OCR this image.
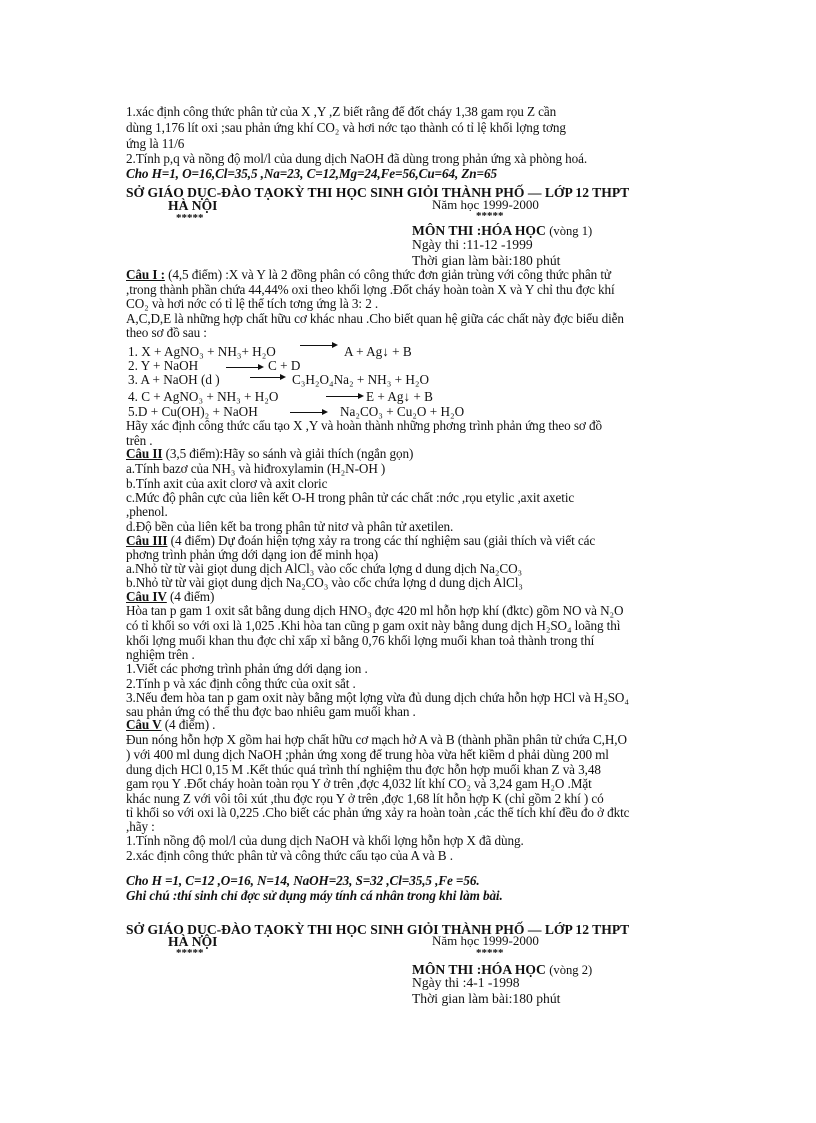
1.xác định công thức phân tử của X ,Y ,Z biết rằng để đốt cháy 1,38 gam rọu Z cần
dùng 1,176 lít oxi ;sau phản ứng khí CO₂ và hơi nớc tạo thành có tỉ lệ khối lợng tơng
ứng là 11/6
2.Tính p,q và nồng độ mol/l của dung dịch NaOH đã dùng trong phản ứng xà phòng hoá.
Cho H=1, O=16,Cl=35,5 ,Na=23, C=12,Mg=24,Fe=56,Cu=64, Zn=65
SỞ GIÁO DỤC-ĐÀO TẠO KỲ THI HỌC SINH GIỎI THÀNH PHỐ — LỚP 12 THPT
HÀ NỘI	Năm học 1999-2000
*****	*****
MÔN THI :HÓA HỌC (vòng 1)
Ngày thi :11-12 -1999
Thời gian làm bài:180 phút
Câu I : (4,5 điểm) :X và Y là 2 đồng phân có công thức đơn giản trùng với công thức phân tử
,trong thành phần chứa 44,44% oxi theo khối lợng .Đốt cháy hoàn toàn X và Y chỉ thu đợc khí
CO₂ và hơi nớc có tỉ lệ thể tích tơng ứng là 3: 2 .
A,C,D,E là những hợp chất hữu cơ khác nhau .Cho biết quan hệ giữa các chất này đợc biểu diễn
theo sơ đồ sau :
1. X + AgNO₃ + NH₃+ H₂O → A + Ag↓ + B
2. Y + NaOH → C + D
3. A + NaOH (d ) → C₃H₂O₄Na₂ + NH₃ + H₂O
4. C + AgNO₃ + NH₃ + H₂O	→ E + Ag↓ + B
5.D + Cu(OH)₂ + NaOH → Na₂CO₃ + Cu₂O + H₂O
Hãy xác định công thức cấu tạo X ,Y và hoàn thành những phơng trình phản ứng theo sơ đồ
trên .
Câu II (3,5 điểm):Hãy so sánh và giải thích (ngắn gọn)
a.Tính bazơ của NH₃ và hiđroxylamin (H₂N-OH )
b.Tính axit của axit clorơ và axit cloric
c.Mức độ phân cực của liên kết O-H trong phân tử các chất :nớc ,rọu etylic ,axit axetic
,phenol.
d.Độ bền của liên kết ba trong phân tử nitơ và phân tử axetilen.
Câu III (4 điểm) Dự đoán hiện tợng xảy ra trong các thí nghiệm sau (giải thích và viết các
phơng trình phản ứng dới dạng ion để minh họa)
a.Nhỏ từ từ vài giọt dung dịch AlCl₃ vào cốc chứa lợng d dung dịch Na₂CO₃
b.Nhỏ từ từ vài giọt dung dịch Na₂CO₃ vào cốc chứa lợng d dung dịch AlCl₃
Câu IV (4 điểm)
Hòa tan p gam 1 oxit sắt bằng dung dịch HNO₃ đợc 420 ml hỗn hợp khí (đktc) gồm NO và N₂O
có tỉ khối so với oxi là 1,025 .Khi hòa tan cũng p gam oxit này bằng dung dịch H₂SO₄ loãng thì
khối lợng muối khan thu đợc chỉ xấp xỉ bằng 0,76 khối lợng muối khan toả thành trong thí
nghiệm trên .
1.Viết các phơng trình phản ứng dới dạng ion .
2.Tính p và xác định công thức của oxit sắt .
3.Nếu đem hòa tan p gam oxit này bằng một lợng vừa đủ dung dịch chứa hỗn hợp HCl và H₂SO₄
sau phản ứng có thể thu đợc bao nhiêu gam muối khan .
Câu V (4 điểm) .
Đun nóng hỗn hợp X gồm hai hợp chất hữu cơ mạch hở A và B (thành phần phân tử chứa C,H,O
) với 400 ml dung dịch NaOH ;phản ứng xong để trung hòa vừa hết kiềm d phải dùng 200 ml
dung dịch HCl 0,15 M .Kết thúc quá trình thí nghiệm thu đợc hỗn hợp muối khan Z và 3,48
gam rọu Y .Đốt cháy hoàn toàn rọu Y ở trên ,đợc 4,032 lít khí CO₂ và 3,24 gam H₂O .Mặt
khác nung Z với vôi tôi xút ,thu đợc rọu Y ở trên ,đợc 1,68 lít hỗn hợp K (chỉ gồm 2 khí ) có
tỉ khối so với oxi là 0,225 .Cho biết các phản ứng xảy ra hoàn toàn ,các thể tích khí đều đo ở đktc
,hãy :
1.Tính nồng độ mol/l của dung dịch NaOH và khối lợng hỗn hợp X đã dùng.
2.xác định công thức phân tử và công thức cấu tạo của A và B .
Cho H =1, C=12 ,O=16, N=14, NaOH=23, S=32 ,Cl=35,5 ,Fe =56.
Ghi chú :thí sinh chỉ đợc sử dụng máy tính cá nhân trong khi làm bài.
SỞ GIÁO DỤC-ĐÀO TẠO KỲ THI HỌC SINH GIỎI THÀNH PHỐ — LỚP 12 THPT
HÀ NỘI	Năm học 1999-2000
*****	*****
MÔN THI :HÓA HỌC (vòng 2)
Ngày thi :4-1 -1998
Thời gian làm bài:180 phút
